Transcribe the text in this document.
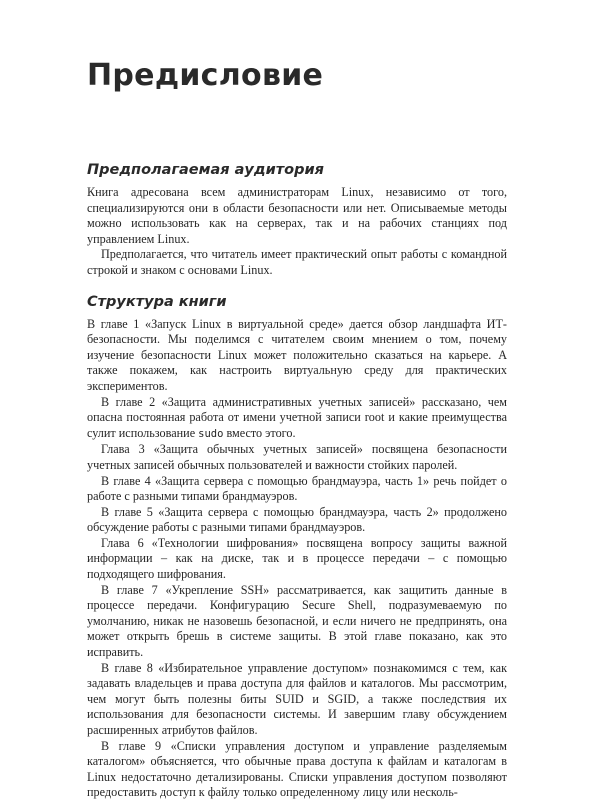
Предисловие
Предполагаемая аудитория

Книга адресована всем администраторам Linux, независимо от того, специализируются они в области безопасности или нет. Описываемые методы можно использовать как на серверах, так и на рабочих станциях под управлением Linux.

Предполагается, что читатель имеет практический опыт работы с командной строкой и знаком с основами Linux.

Структура книги

В главе 1 «Запуск Linux в виртуальной среде» дается обзор ландшафта ИТ-безопасности. Мы поделимся с читателем своим мнением о том, почему изучение безопасности Linux может положительно сказаться на карьере. А также покажем, как настроить виртуальную среду для практических экспериментов.

В главе 2 «Защита административных учетных записей» рассказано, чем опасна постоянная работа от имени учетной записи root и какие преимущества сулит использование sudo вместо этого.

Глава 3 «Защита обычных учетных записей» посвящена безопасности учетных записей обычных пользователей и важности стойких паролей.

В главе 4 «Защита сервера с помощью брандмауэра, часть 1» речь пойдет о работе с разными типами брандмауэров.

В главе 5 «Защита сервера с помощью брандмауэра, часть 2» продолжено обсуждение работы с разными типами брандмауэров.

Глава 6 «Технологии шифрования» посвящена вопросу защиты важной информации – как на диске, так и в процессе передачи – с помощью подходящего шифрования.

В главе 7 «Укрепление SSH» рассматривается, как защитить данные в процессе передачи. Конфигурацию Secure Shell, подразумеваемую по умолчанию, никак не назовешь безопасной, и если ничего не предпринять, она может открыть брешь в системе защиты. В этой главе показано, как это исправить.

В главе 8 «Избирательное управление доступом» познакомимся с тем, как задавать владельцев и права доступа для файлов и каталогов. Мы рассмотрим, чем могут быть полезны биты SUID и SGID, а также последствия их использования для безопасности системы. И завершим главу обсуждением расширенных атрибутов файлов.

В главе 9 «Списки управления доступом и управление разделяемым каталогом» объясняется, что обычные права доступа к файлам и каталогам в Linux недостаточно детализированы. Списки управления доступом позволяют предоставить доступ к файлу только определенному лицу или несколь-
